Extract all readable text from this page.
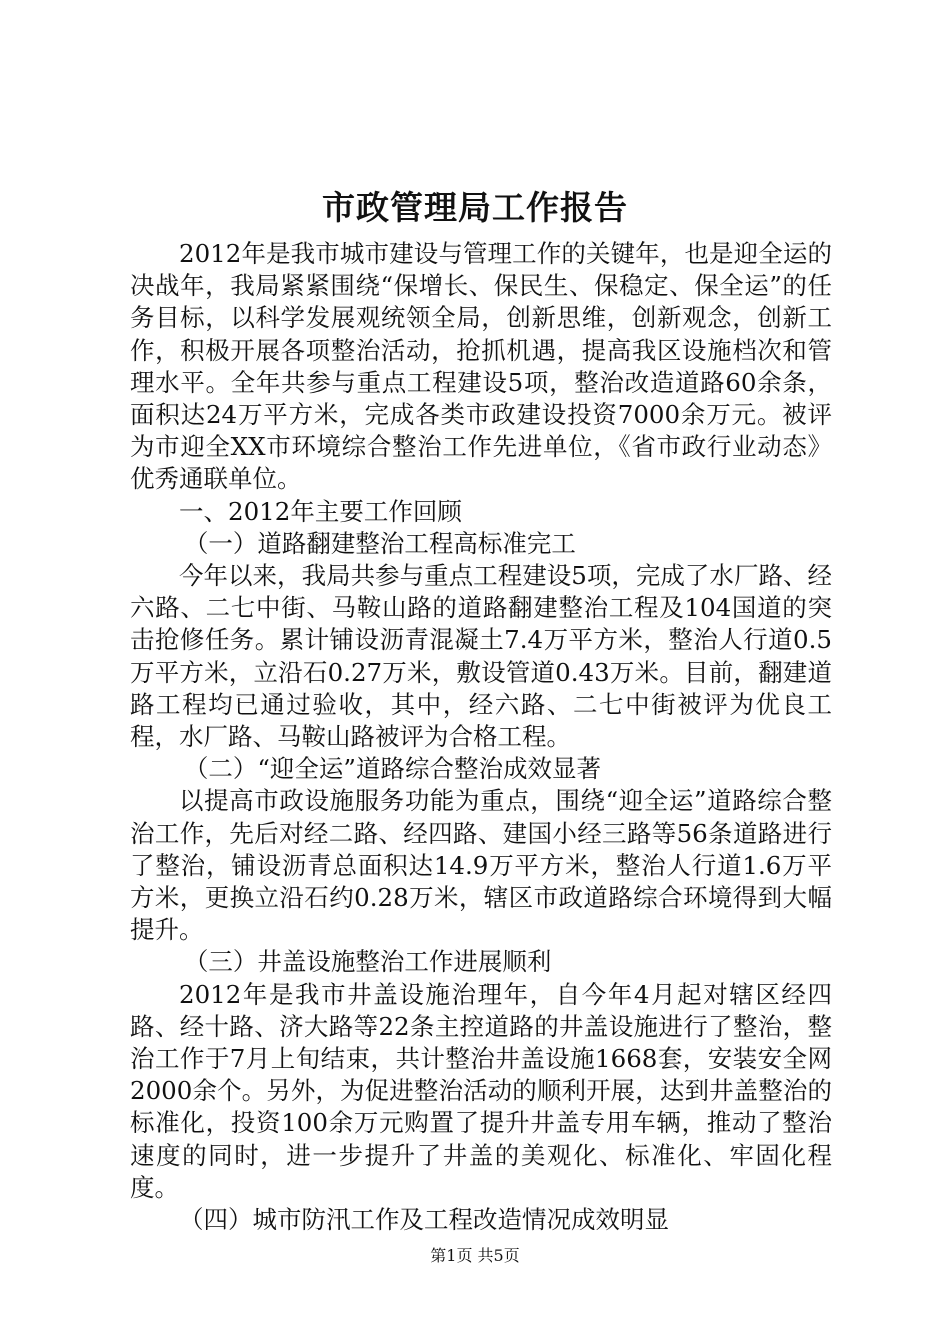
市政管理局工作报告

2012年是我市城市建设与管理工作的关键年，也是迎全运的决战年，我局紧紧围绕“保增长、保民生、保稳定、保全运”的任务目标，以科学发展观统领全局，创新思维，创新观念，创新工作，积极开展各项整治活动，抢抓机遇，提高我区设施档次和管理水平。全年共参与重点工程建设5项，整治改造道路60余条，面积达24万平方米，完成各类市政建设投资7000余万元。被评为市迎全XX市环境综合整治工作先进单位，《省市政行业动态》优秀通联单位。

一、2012年主要工作回顾

（一）道路翻建整治工程高标准完工

今年以来，我局共参与重点工程建设5项，完成了水厂路、经六路、二七中街、马鞍山路的道路翻建整治工程及104国道的突击抢修任务。累计铺设沥青混凝土7.4万平方米，整治人行道0.5万平方米，立沿石0.27万米，敷设管道0.43万米。目前，翻建道路工程均已通过验收，其中，经六路、二七中街被评为优良工程，水厂路、马鞍山路被评为合格工程。

（二）“迎全运”道路综合整治成效显著

以提高市政设施服务功能为重点，围绕“迎全运”道路综合整治工作，先后对经二路、经四路、建国小经三路等56条道路进行了整治，铺设沥青总面积达14.9万平方米，整治人行道1.6万平方米，更换立沿石约0.28万米，辖区市政道路综合环境得到大幅提升。

（三）井盖设施整治工作进展顺利

2012年是我市井盖设施治理年，自今年4月起对辖区经四路、经十路、济大路等22条主控道路的井盖设施进行了整治，整治工作于7月上旬结束，共计整治井盖设施1668套，安装安全网2000余个。另外，为促进整治活动的顺利开展，达到井盖整治的标准化，投资100余万元购置了提升井盖专用车辆，推动了整治速度的同时，进一步提升了井盖的美观化、标准化、牢固化程度。

（四）城市防汛工作及工程改造情况成效明显

第1页 共5页
